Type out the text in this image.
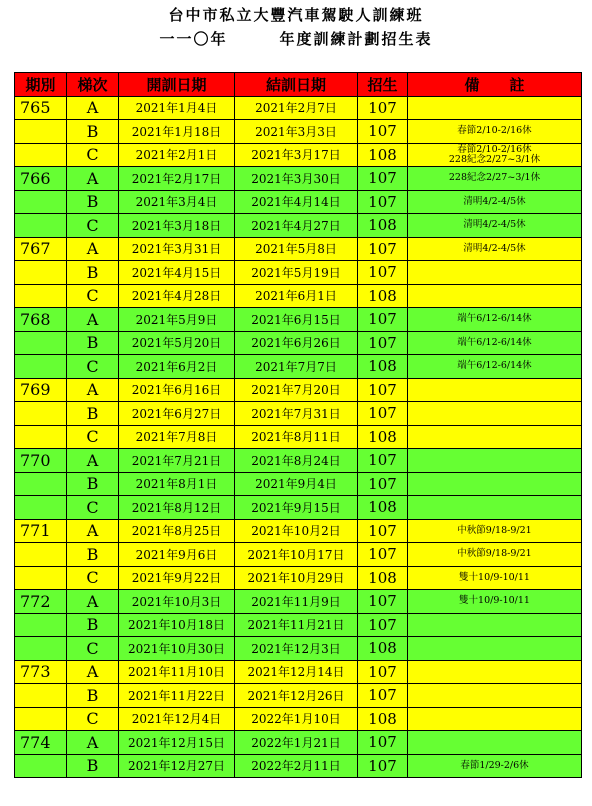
台中市私立大豐汽車駕駛人訓練班
一一〇年	年度訓練計劃招生表
期別	梯次	開訓日期	結訓日期	招生	備　　註
765	A	2021年1月4日	2021年2月7日	107	
	B	2021年1月18日	2021年3月3日	107	春節2/10-2/16休

	C	2021年2月1日	2021年3月17日	108	春節2/10-2/16休
228紀念2/27~3/1休

766	A	2021年2月17日	2021年3月30日	107	228紀念2/27~3/1休

	B	2021年3月4日	2021年4月14日	107	清明4/2-4/5休

	C	2021年3月18日	2021年4月27日	108	清明4/2-4/5休

767	A	2021年3月31日	2021年5月8日	107	清明4/2-4/5休

	B	2021年4月15日	2021年5月19日	107	
	C	2021年4月28日	2021年6月1日	108	
768	A	2021年5月9日	2021年6月15日	107	端午6/12-6/14休

	B	2021年5月20日	2021年6月26日	107	端午6/12-6/14休

	C	2021年6月2日	2021年7月7日	108	端午6/12-6/14休

769	A	2021年6月16日	2021年7月20日	107	
	B	2021年6月27日	2021年7月31日	107	
	C	2021年7月8日	2021年8月11日	108	
770	A	2021年7月21日	2021年8月24日	107	
	B	2021年8月1日	2021年9月4日	107	
	C	2021年8月12日	2021年9月15日	108	
771	A	2021年8月25日	2021年10月2日	107	中秋節9/18-9/21

	B	2021年9月6日	2021年10月17日	107	中秋節9/18-9/21

	C	2021年9月22日	2021年10月29日	108	雙十10/9-10/11

772	A	2021年10月3日	2021年11月9日	107	雙十10/9-10/11

	B	2021年10月18日	2021年11月21日	107	
	C	2021年10月30日	2021年12月3日	108	
773	A	2021年11月10日	2021年12月14日	107	
	B	2021年11月22日	2021年12月26日	107	
	C	2021年12月4日	2022年1月10日	108	
774	A	2021年12月15日	2022年1月21日	107	
	B	2021年12月27日	2022年2月11日	107	春節1/29-2/6休
